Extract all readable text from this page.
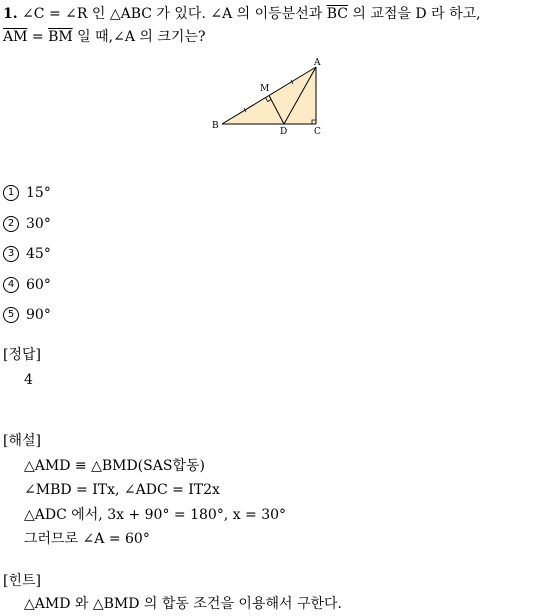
1. ∠C = ∠R 인 △ABC 가 있다. ∠A 의 이등분선과 $\overline{BC}$ 의 교점을 D 라 하고,
$\overline{AM} = \overline{BM}$ 일 때,∠A 의 크기는?
A
M
B
D	C
1 15°
2 30°
3 45°
4 60°
5 90°
[정답]
4
[해설]
△AMD ≡ △BMD(SAS합동)
∠MBD = ITx, ∠ADC = IT2x
△ADC 에서, 3x + 90° = 180°, x = 30°
그러므로 ∠A = 60°
[힌트]
△AMD 와 △BMD 의 합동 조건을 이용해서 구한다.
